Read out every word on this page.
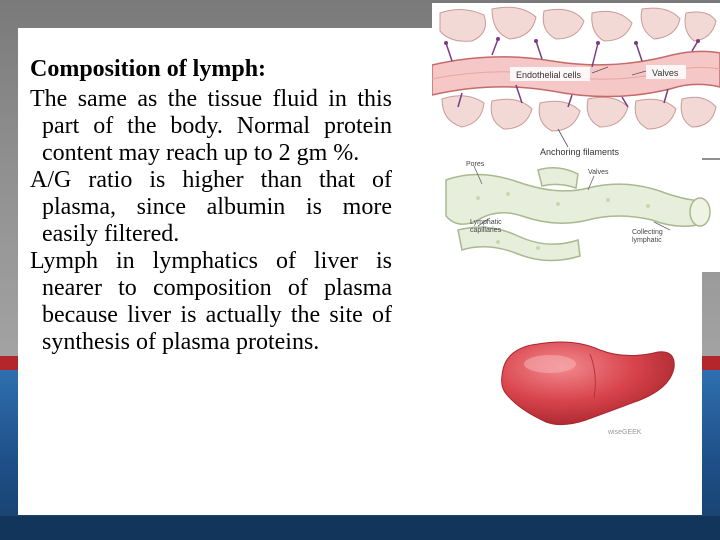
Composition of lymph:

The same as the tissue fluid in this part of the body. Normal protein content may reach up to 2 gm %.

A/G ratio is higher than that of plasma, since albumin is more easily filtered.

Lymph in lymphatics of liver is nearer to composition of plasma because liver is actually the site of synthesis of plasma proteins.

Endothelial cells	Valves
Anchoring filaments
Pores
Valves
Lymphatic
capillaries	Collecting
lymphatic
wiseGEEK
